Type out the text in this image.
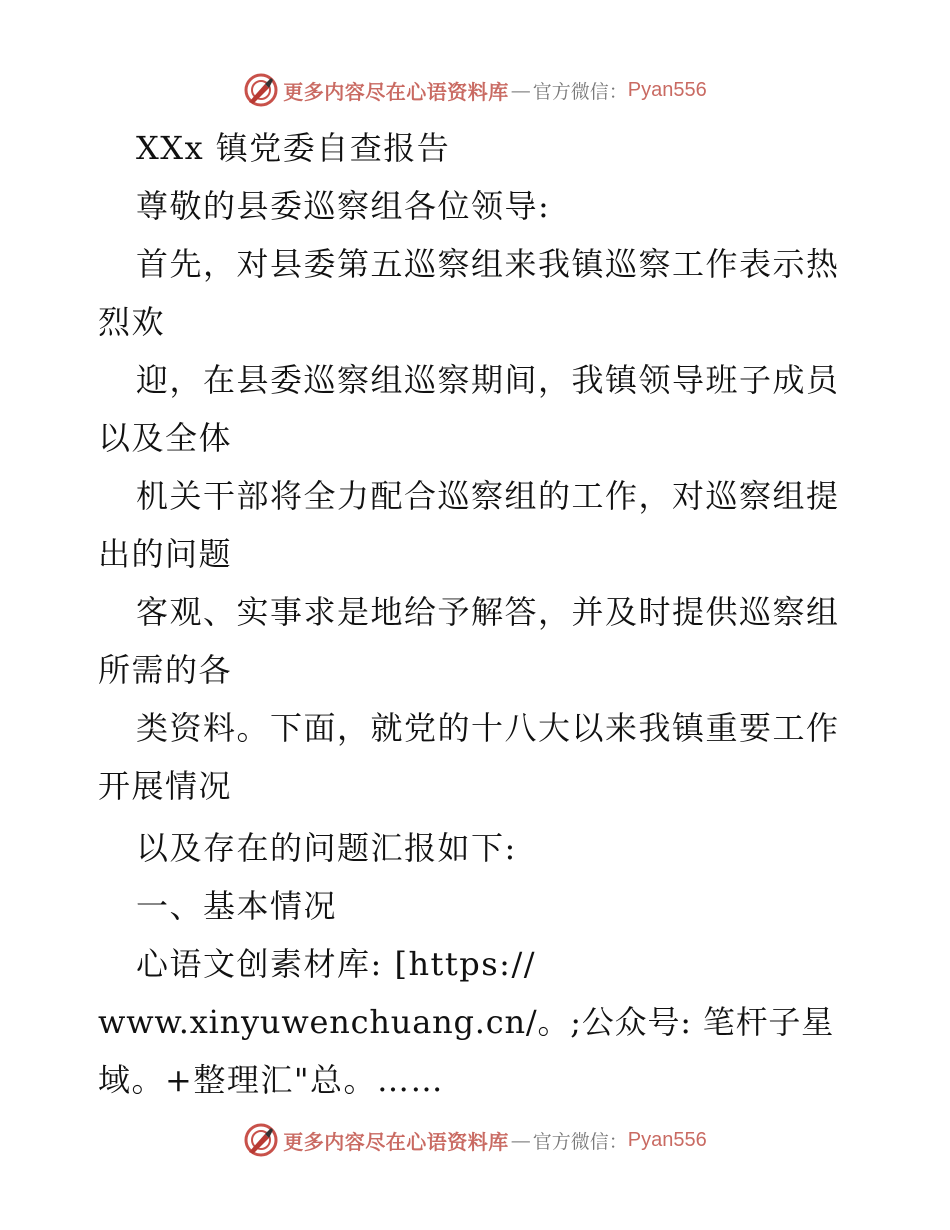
更多内容尽在心语资料库 — 官方微信： Pyan556
XXx 镇党委自查报告
尊敬的县委巡察组各位领导:
首先，对县委第五巡察组来我镇巡察工作表示热
烈欢
迎，在县委巡察组巡察期间，我镇领导班子成员
以及全体
机关干部将全力配合巡察组的工作，对巡察组提
出的问题
客观、实事求是地给予解答，并及时提供巡察组
所需的各
类资料。下面，就党的十八大以来我镇重要工作
开展情况
以及存在的问题汇报如下:
一、基本情况
心语文创素材库: [https://
www.xinyuwenchuang.cn/。;公众号: 笔杆子星
域。+整理汇"总。……
更多内容尽在心语资料库 — 官方微信： Pyan556
